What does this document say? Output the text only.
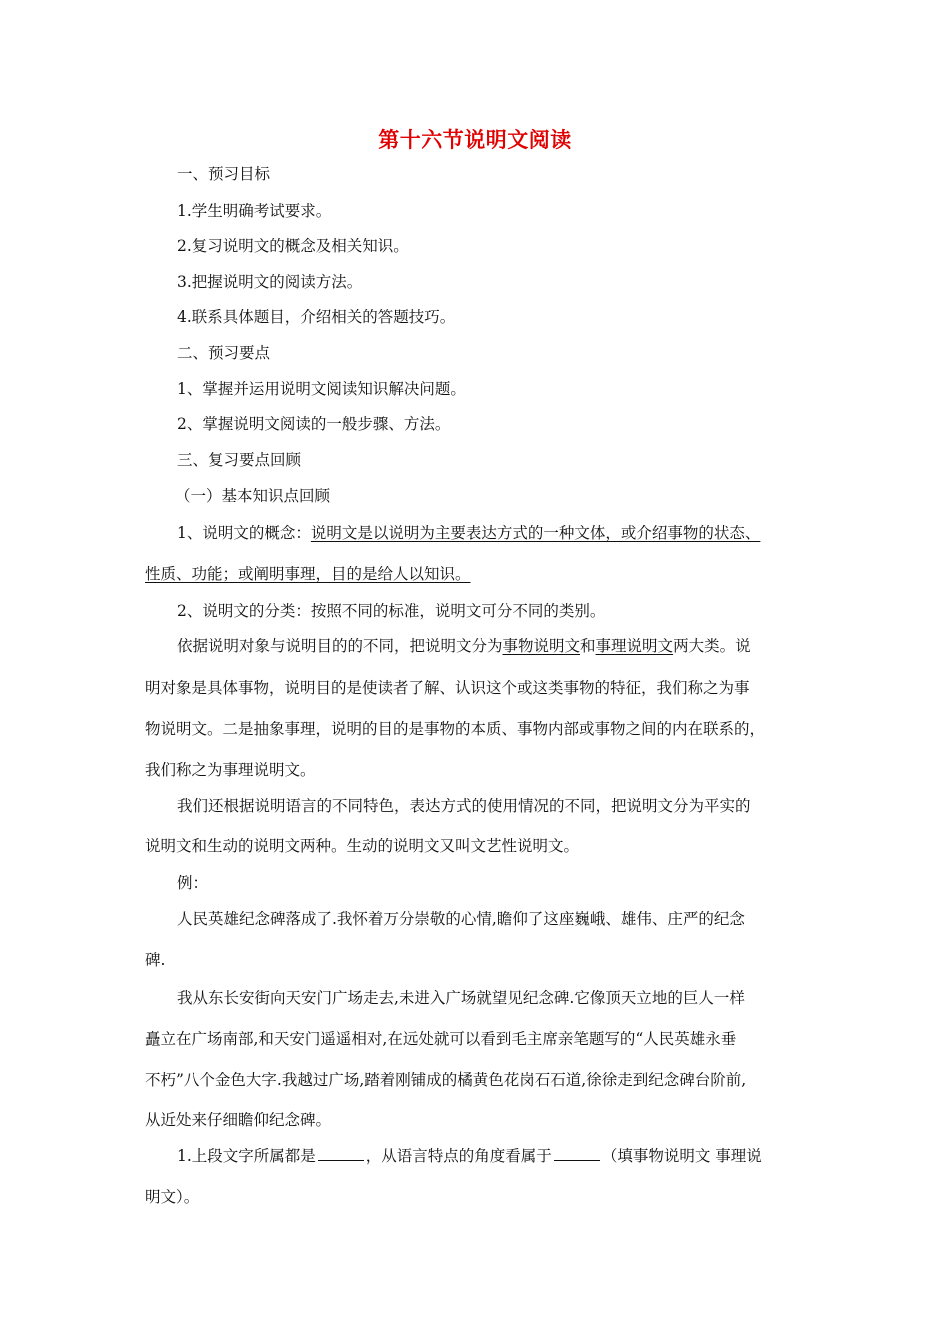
第十六节说明文阅读
一、预习目标
1.学生明确考试要求。
2.复习说明文的概念及相关知识。
3.把握说明文的阅读方法。
4.联系具体题目，介绍相关的答题技巧。
二、预习要点
1、掌握并运用说明文阅读知识解决问题。
2、掌握说明文阅读的一般步骤、方法。
三、复习要点回顾
（一）基本知识点回顾
1、说明文的概念：说明文是以说明为主要表达方式的一种文体，或介绍事物的状态、
性质、功能；或阐明事理，目的是给人以知识。
2、说明文的分类：按照不同的标准，说明文可分不同的类别。
依据说明对象与说明目的的不同，把说明文分为事物说明文和事理说明文两大类。说
明对象是具体事物，说明目的是使读者了解、认识这个或这类事物的特征，我们称之为事
物说明文。二是抽象事理，说明的目的是事物的本质、事物内部或事物之间的内在联系的，
我们称之为事理说明文。
我们还根据说明语言的不同特色，表达方式的使用情况的不同，把说明文分为平实的
说明文和生动的说明文两种。生动的说明文又叫文艺性说明文。
例：
人民英雄纪念碑落成了.我怀着万分崇敬的心情,瞻仰了这座巍峨、雄伟、庄严的纪念
碑.
我从东长安街向天安门广场走去,未进入广场就望见纪念碑.它像顶天立地的巨人一样
矗立在广场南部,和天安门遥遥相对,在远处就可以看到毛主席亲笔题写的“人民英雄永垂
不朽”八个金色大字.我越过广场,踏着刚铺成的橘黄色花岗石石道,徐徐走到纪念碑台阶前,
从近处来仔细瞻仰纪念碑。
1.上段文字所属都是	，从语言特点的角度看属于	（填事物说明文 事理说
明文）。
